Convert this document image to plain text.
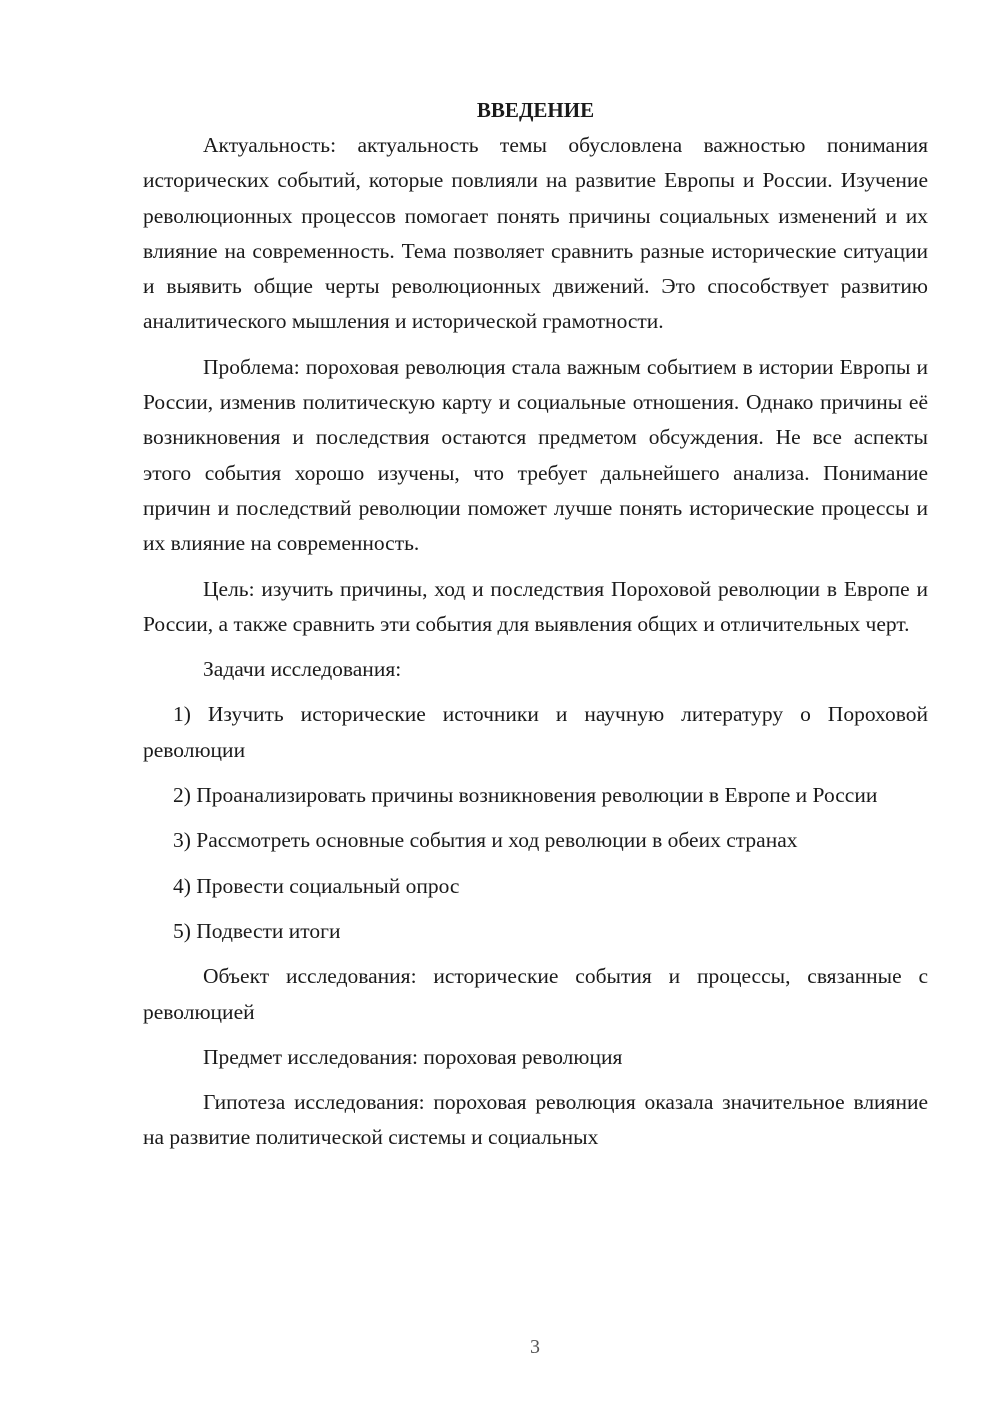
ВВЕДЕНИЕ

Актуальность: актуальность темы обусловлена важностью понимания исторических событий, которые повлияли на развитие Европы и России. Изучение революционных процессов помогает понять причины социальных изменений и их влияние на современность. Тема позволяет сравнить разные исторические ситуации и выявить общие черты революционных движений. Это способствует развитию аналитического мышления и исторической грамотности.

Проблема: пороховая революция стала важным событием в истории Европы и России, изменив политическую карту и социальные отношения. Однако причины её возникновения и последствия остаются предметом обсуждения. Не все аспекты этого события хорошо изучены, что требует дальнейшего анализа. Понимание причин и последствий революции поможет лучше понять исторические процессы и их влияние на современность.

Цель: изучить причины, ход и последствия Пороховой революции в Европе и России, а также сравнить эти события для выявления общих и отличительных черт.

Задачи исследования:

1) Изучить исторические источники и научную литературу о Пороховой революции

2) Проанализировать причины возникновения революции в Европе и России

3) Рассмотреть основные события и ход революции в обеих странах

4) Провести социальный опрос

5) Подвести итоги

Объект исследования: исторические события и процессы, связанные с революцией

Предмет исследования: пороховая революция

Гипотеза исследования: пороховая революция оказала значительное влияние на развитие политической системы и социальных

3
